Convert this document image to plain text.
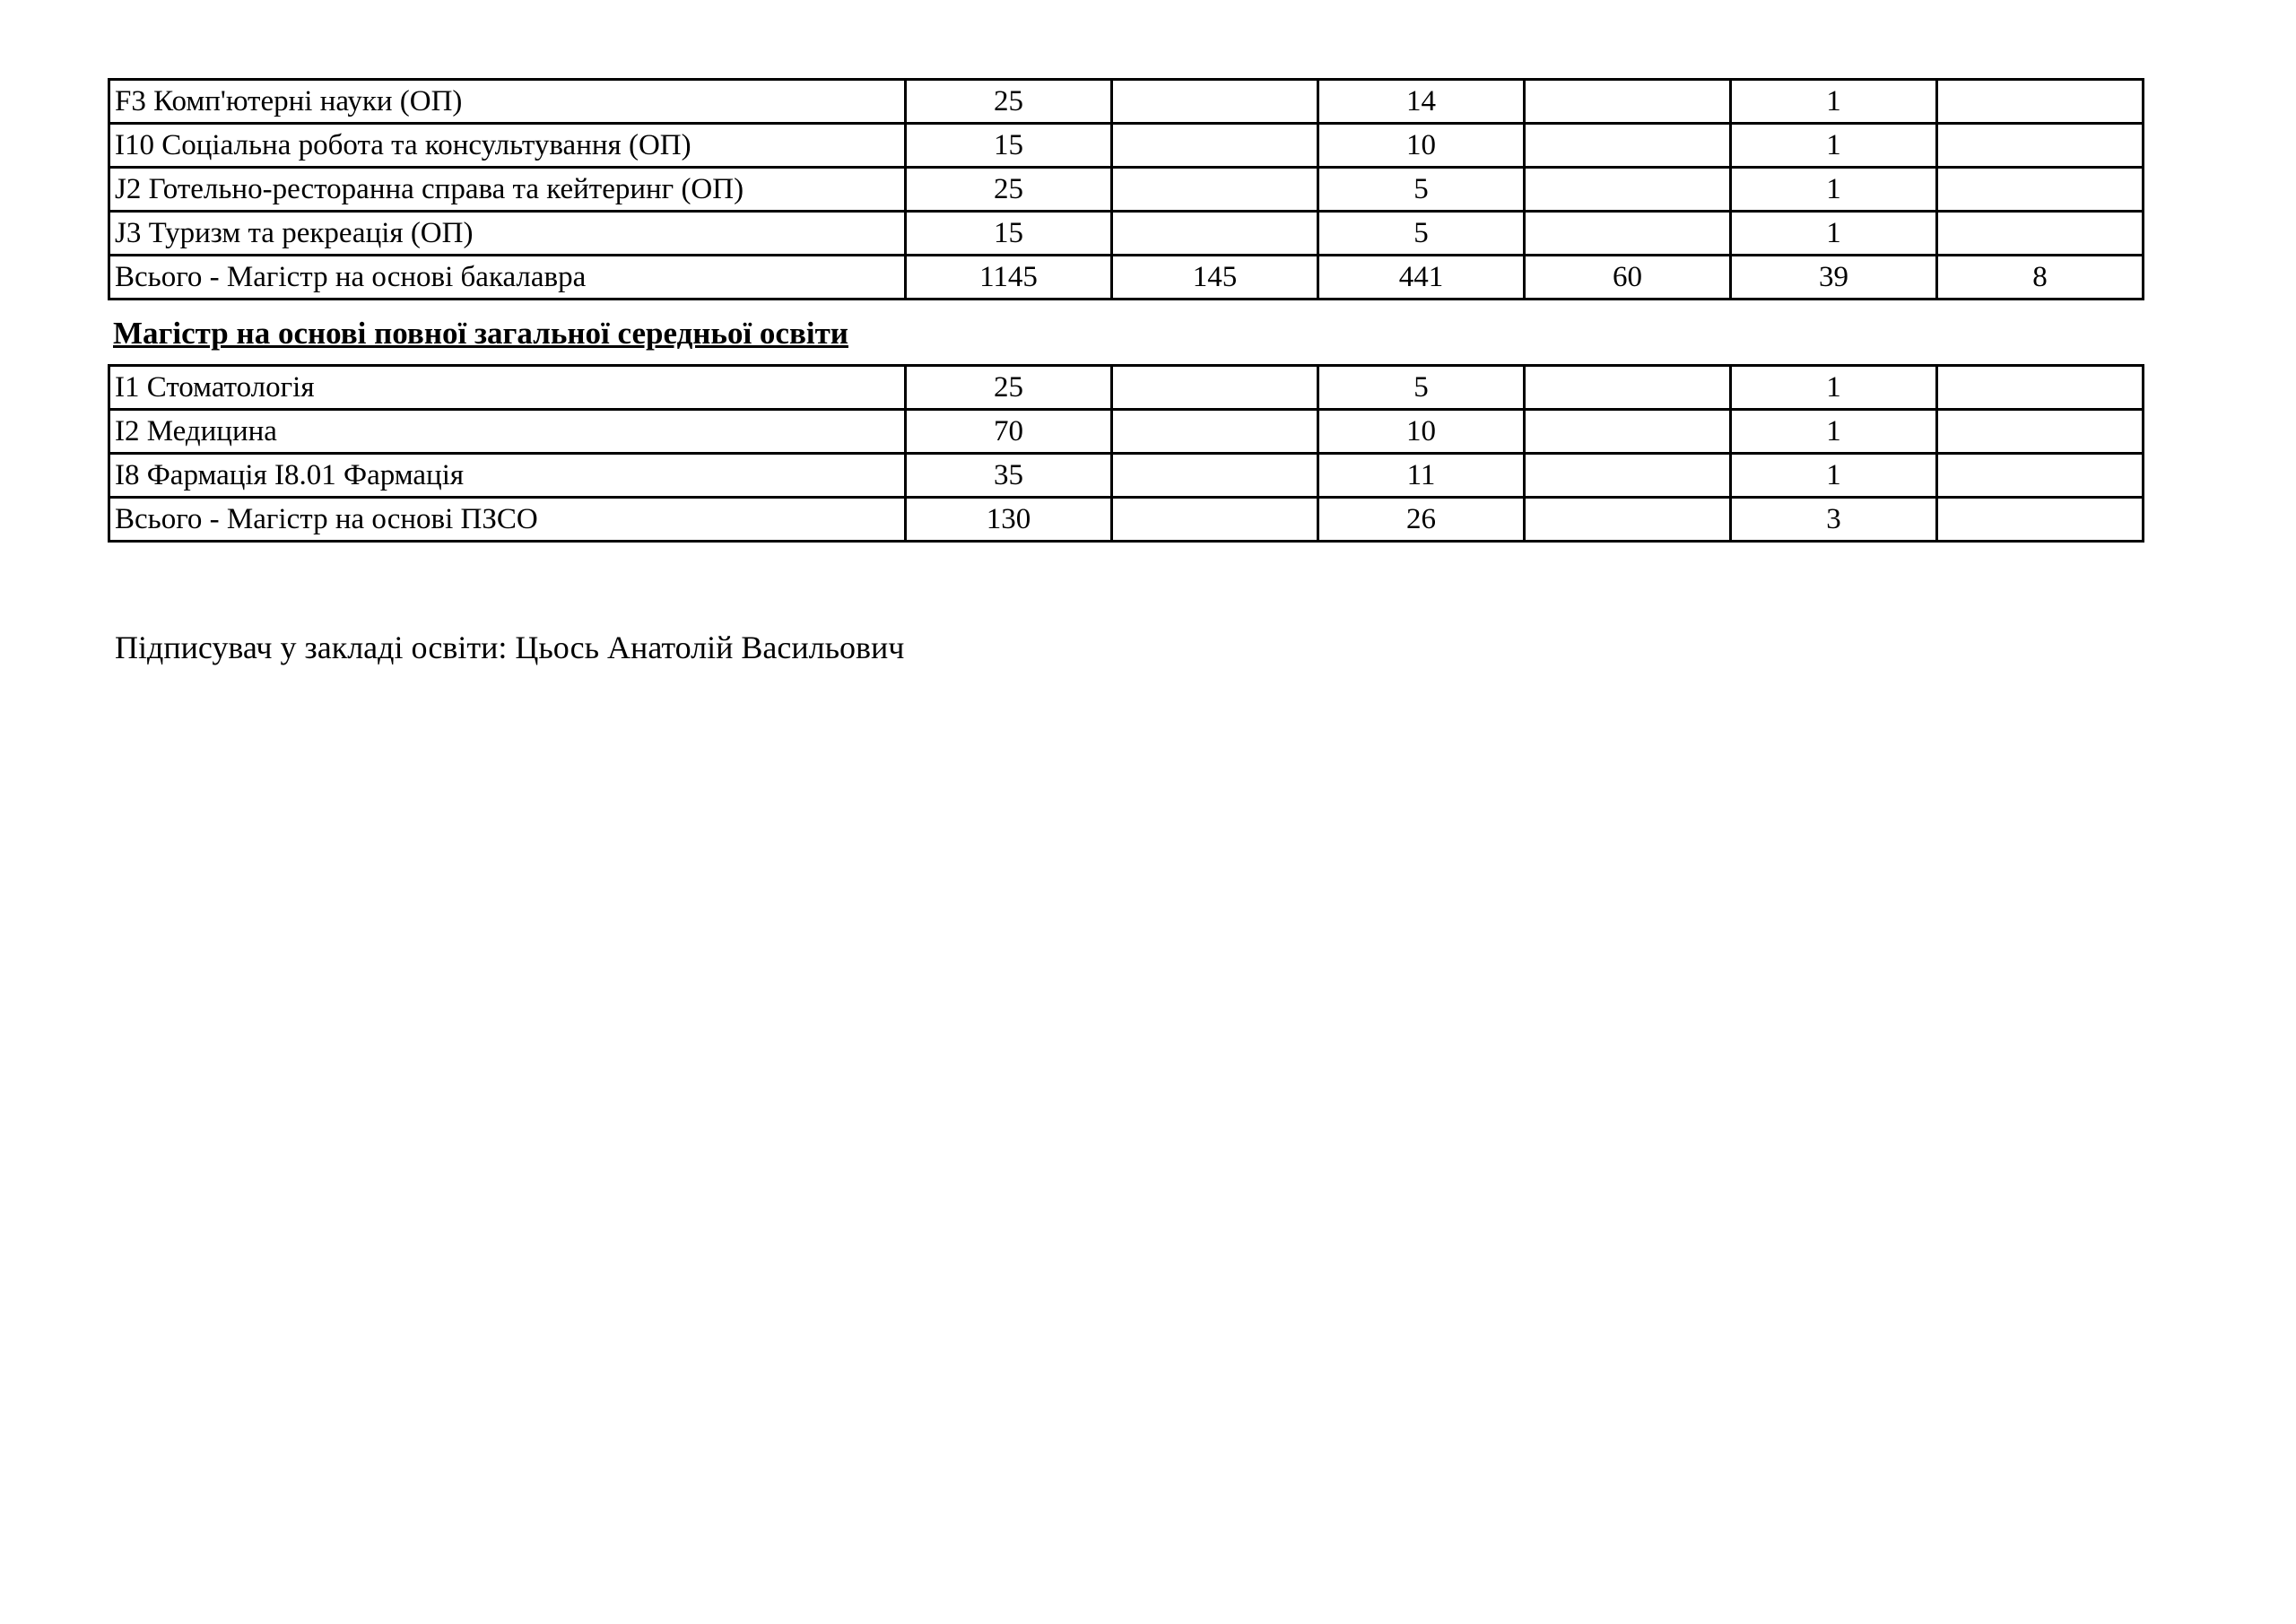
F3 Комп'ютерні науки (ОП)	25		14		1	
I10 Соціальна робота та консультування (ОП)	15		10		1	
J2 Готельно-ресторанна справа та кейтеринг (ОП)	25		5		1	
J3 Туризм та рекреація (ОП)	15		5		1	
Всього - Магістр на основі бакалавра	1145	145	441	60	39	8
Магістр на основі повної загальної середньої освіти
I1 Стоматологія	25		5		1	
I2 Медицина	70		10		1	
I8 Фармація I8.01 Фармація	35		11		1	
Всього - Магістр на основі ПЗСО	130		26		3	
Підписувач у закладі освіти: Цьось Анатолій Васильович
